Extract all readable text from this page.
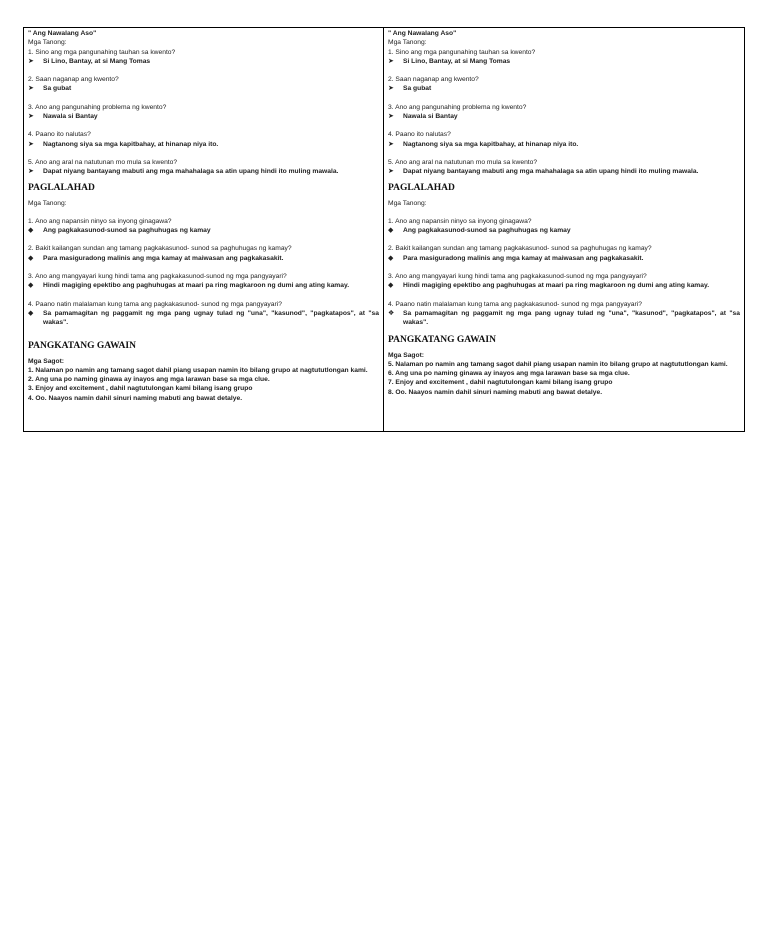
" Ang Nawalang Aso"
Mga Tanong:
1. Sino ang mga pangunahing tauhan sa kwento?
➤	Si Lino, Bantay, at si Mang Tomas
2. Saan naganap ang kwento?
➤	Sa gubat
3. Ano ang pangunahing problema ng kwento?
➤	Nawala si Bantay
4. Paano ito nalutas?
➤	Nagtanong siya sa mga kapitbahay, at hinanap niya ito.
5. Ano ang aral na natutunan mo mula sa kwento?
➤	Dapat niyang bantayang mabuti ang mga mahahalaga sa atin upang hindi ito muling mawala.
PAGLALAHAD
Mga Tanong:
1. Ano ang napansin ninyo sa inyong ginagawa?
◆	Ang pagkakasunod-sunod sa paghuhugas ng kamay
2. Bakit kailangan sundan ang tamang pagkakasunod- sunod sa paghuhugas ng kamay?
◆	Para masiguradong malinis ang mga kamay at maiwasan ang pagkakasakit.
3. Ano ang mangyayari kung hindi tama ang pagkakasunod-sunod ng mga pangyayari?
◆	Hindi magiging epektibo ang paghuhugas at maari pa ring magkaroon ng dumi ang ating kamay.
4. Paano natin malalaman kung tama ang pagkakasunod- sunod ng mga pangyayari?
◆	Sa pamamagitan ng paggamit ng mga pang ugnay tulad ng "una", "kasunod", "pagkatapos", at "sa wakas".
PANGKATANG GAWAIN
Mga Sagot:
1. Nalaman po namin ang tamang sagot dahil piang usapan namin ito bilang grupo at nagtututlongan kami.
2. Ang una po naming ginawa ay inayos ang mga larawan base sa mga clue.
3. Enjoy and excitement , dahil nagtutulongan kami bilang isang grupo
4. Oo. Naayos namin dahil sinuri naming mabuti ang bawat detalye.
" Ang Nawalang Aso"
Mga Tanong:
1. Sino ang mga pangunahing tauhan sa kwento?
➤	Si Lino, Bantay, at si Mang Tomas
2. Saan naganap ang kwento?
➤	Sa gubat
3. Ano ang pangunahing problema ng kwento?
➤	Nawala si Bantay
4. Paano ito nalutas?
➤	Nagtanong siya sa mga kapitbahay, at hinanap niya ito.
5. Ano ang aral na natutunan mo mula sa kwento?
➤	Dapat niyang bantayang mabuti ang mga mahahalaga sa atin upang hindi ito muling mawala.
PAGLALAHAD
Mga Tanong:
1. Ano ang napansin ninyo sa inyong ginagawa?
◆	Ang pagkakasunod-sunod sa paghuhugas ng kamay
2. Bakit kailangan sundan ang tamang pagkakasunod- sunod sa paghuhugas ng kamay?
◆	Para masiguradong malinis ang mga kamay at maiwasan ang pagkakasakit.
3. Ano ang mangyayari kung hindi tama ang pagkakasunod-sunod ng mga pangyayari?
◆	Hindi magiging epektibo ang paghuhugas at maari pa ring magkaroon ng dumi ang ating kamay.
4. Paano natin malalaman kung tama ang pagkakasunod- sunod ng mga pangyayari?
❖	Sa pamamagitan ng paggamit ng mga pang ugnay tulad ng "una", "kasunod", "pagkatapos", at "sa wakas".
PANGKATANG GAWAIN
Mga Sagot:
5. Nalaman po namin ang tamang sagot dahil piang usapan namin ito bilang grupo at nagtututlongan kami.
6. Ang una po naming ginawa ay inayos ang mga larawan base sa mga clue.
7. Enjoy and excitement , dahil nagtutulongan kami bilang isang grupo
8. Oo. Naayos namin dahil sinuri naming mabuti ang bawat detalye.
